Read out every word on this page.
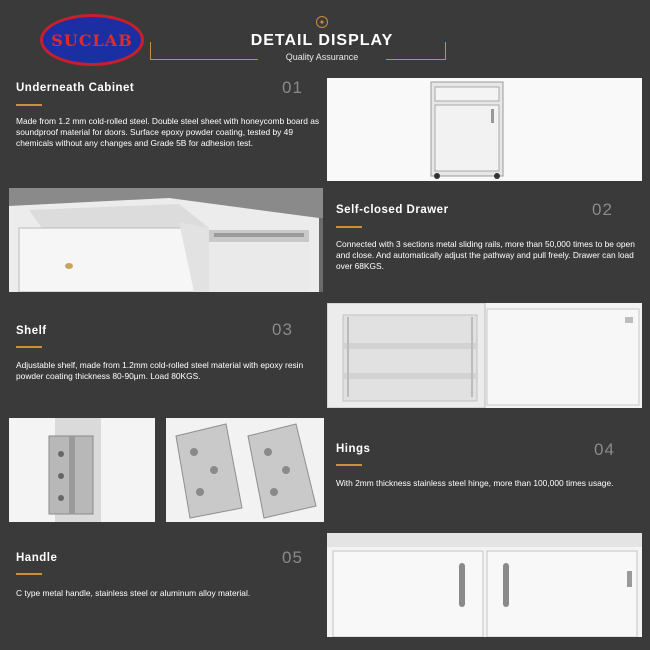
SUCLAB
✦
DETAIL DISPLAY
Quality Assurance
Underneath Cabinet	01
Made from 1.2 mm cold-rolled steel. Double steel sheet with honeycomb board as soundproof material for doors. Surface epoxy powder coating, tested by 49 chemicals without any changes and Grade 5B for adhesion test.
Self-closed Drawer	02
Connected with 3 sections metal sliding rails, more than 50,000 times to be open and close. And automatically adjust the pathway and pull freely. Drawer can load over 68KGS.
Shelf	03
Adjustable shelf, made from 1.2mm cold-rolled steel material with epoxy resin powder coating thickness 80-90μm. Load 80KGS.
Hings	04
With 2mm thickness stainless steel hinge, more than 100,000 times usage.
Handle	05
C type metal handle, stainless steel or aluminum alloy material.
